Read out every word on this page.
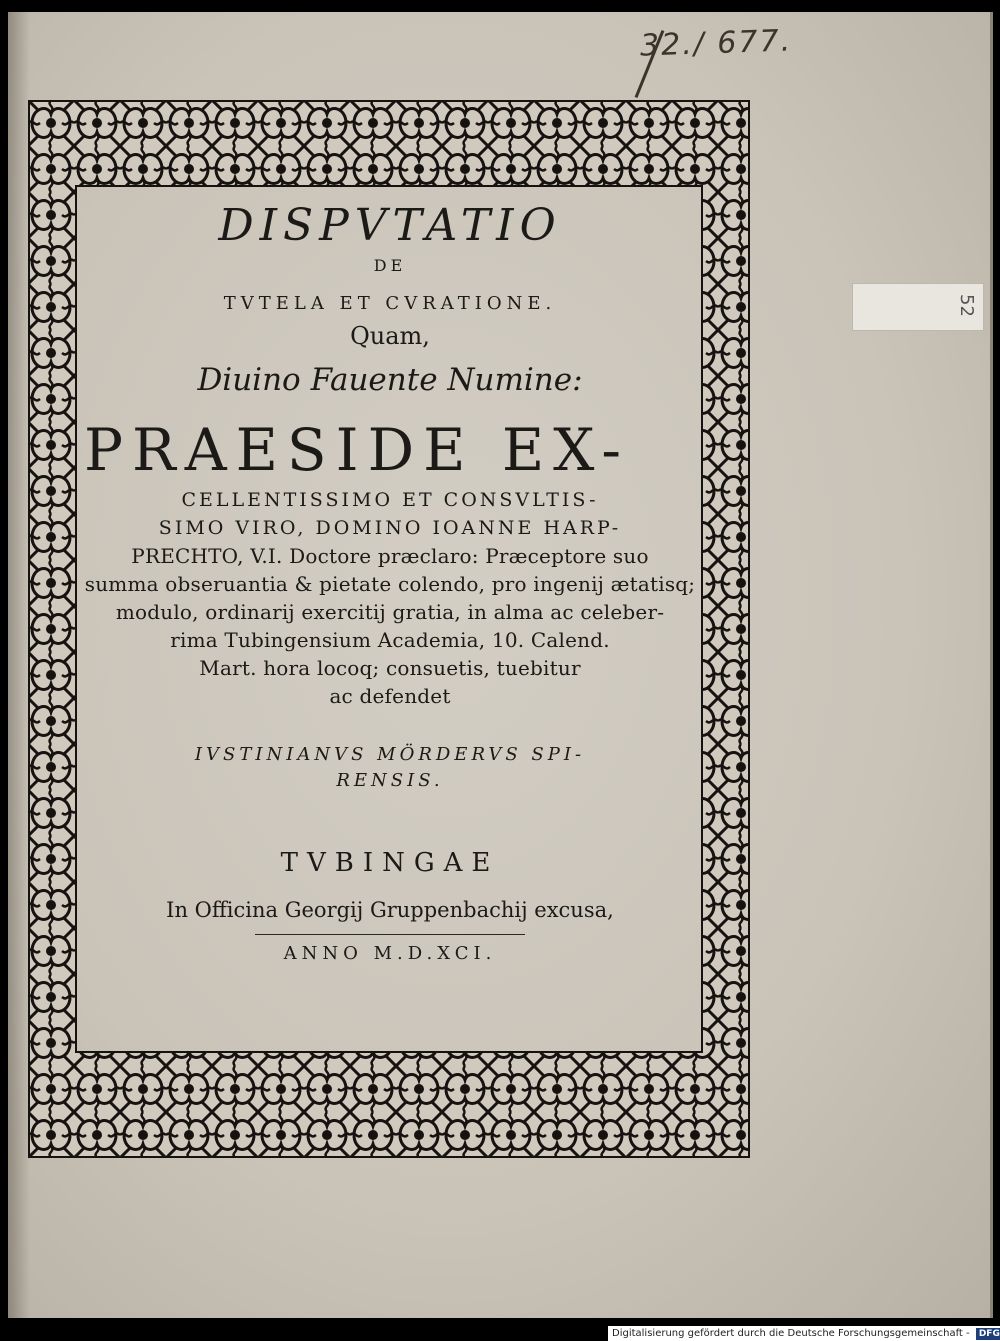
32./ 677.
52
DISPVTATIO
DE
TVTELA ET CVRATIONE.
Quam,
Diuino Fauente Numine:
PRAESIDE EX-
CELLENTISSIMO ET CONSVLTIS-
SIMO VIRO, DOMINO IOANNE HARP-
PRECHTO, V.I. Doctore præclaro: Præceptore suo
summa obseruantia & pietate colendo, pro ingenij ætatisq;
modulo, ordinarij exercitij gratia, in alma ac celeber-
rima Tubingensium Academia, 10. Calend.
Mart. hora locoq; consuetis, tuebitur
ac defendet
IVSTINIANVS MÖRDERVS SPI-
RENSIS.
TVBINGAE
In Officina Georgij Gruppenbachij excusa,
ANNO M.D.XCI.
Digitalisierung gefördert durch die Deutsche Forschungsgemeinschaft - DFG
